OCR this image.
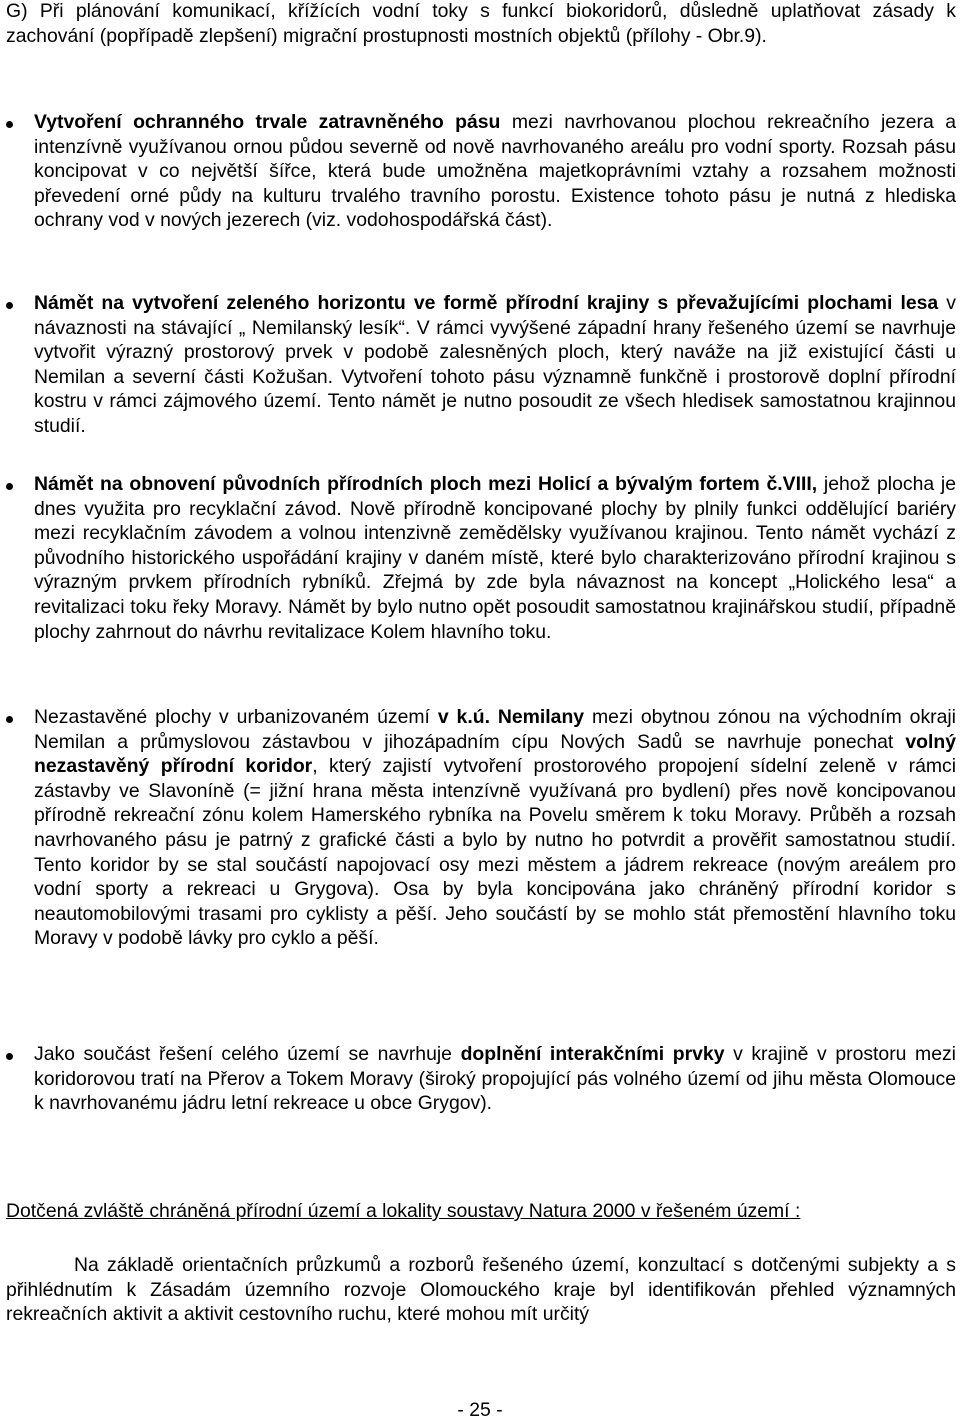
G) Při plánování komunikací, křížících vodní toky s funkcí biokoridorů, důsledně uplatňovat zásady k zachování (popřípadě zlepšení) migrační prostupnosti mostních objektů (přílohy - Obr.9).

Vytvoření ochranného trvale zatravněného pásu mezi navrhovanou plochou rekreačního jezera a intenzívně využívanou ornou půdou severně od nově navrhovaného areálu pro vodní sporty. Rozsah pásu koncipovat v co největší šířce, která bude umožněna majetkoprávními vztahy a rozsahem možnosti převedení orné půdy na kulturu trvalého travního porostu. Existence tohoto pásu je nutná z hlediska ochrany vod v nových jezerech (viz. vodohospodářská část).

Námět na vytvoření zeleného horizontu ve formě přírodní krajiny s převažujícími plochami lesa v návaznosti na stávající „ Nemilanský lesík“. V rámci vyvýšené západní hrany řešeného území se navrhuje vytvořit výrazný prostorový prvek v podobě zalesněných ploch, který naváže na již existující části u Nemilan a severní části Kožušan. Vytvoření tohoto pásu významně funkčně i prostorově doplní přírodní kostru v rámci zájmového území. Tento námět je nutno posoudit ze všech hledisek samostatnou krajinnou studií.

Námět na obnovení původních přírodních ploch mezi Holicí a bývalým fortem č.VIII, jehož plocha je dnes využita pro recyklační závod. Nově přírodně koncipované plochy by plnily funkci oddělující bariéry mezi recyklačním závodem a volnou intenzivně zemědělsky využívanou krajinou. Tento námět vychází z původního historického uspořádání krajiny v daném místě, které bylo charakterizováno přírodní krajinou s výrazným prvkem přírodních rybníků. Zřejmá by zde byla návaznost na koncept „Holického lesa“ a revitalizaci toku řeky Moravy. Námět by bylo nutno opět posoudit samostatnou krajinářskou studií, případně plochy zahrnout do návrhu revitalizace Kolem hlavního toku.

Nezastavěné plochy v urbanizovaném území v k.ú. Nemilany mezi obytnou zónou na východním okraji Nemilan a průmyslovou zástavbou v jihozápadním cípu Nových Sadů se navrhuje ponechat volný nezastavěný přírodní koridor, který zajistí vytvoření prostorového propojení sídelní zeleně v rámci zástavby ve Slavoníně (= jižní hrana města intenzívně využívaná pro bydlení) přes nově koncipovanou přírodně rekreační zónu kolem Hamerského rybníka na Povelu směrem k toku Moravy. Průběh a rozsah navrhovaného pásu je patrný z grafické části a bylo by nutno ho potvrdit a prověřit samostatnou studií. Tento koridor by se stal součástí napojovací osy mezi městem a jádrem rekreace (novým areálem pro vodní sporty a rekreaci u Grygova). Osa by byla koncipována jako chráněný přírodní koridor s neautomobilovými trasami pro cyklisty a pěší. Jeho součástí by se mohlo stát přemostění hlavního toku Moravy v podobě lávky pro cyklo a pěší.

Jako součást řešení celého území se navrhuje doplnění interakčními prvky v krajině v prostoru mezi koridorovou tratí na Přerov a Tokem Moravy (široký propojující pás volného území od jihu města Olomouce k navrhovanému jádru letní rekreace u obce Grygov).

Dotčená zvláště chráněná přírodní území a lokality soustavy Natura 2000 v řešeném území :

Na základě orientačních průzkumů a rozborů řešeného území, konzultací s dotčenými subjekty a s přihlédnutím k Zásadám územního rozvoje Olomouckého kraje byl identifikován přehled významných rekreačních aktivit a aktivit cestovního ruchu, které mohou mít určitý

- 25 -
